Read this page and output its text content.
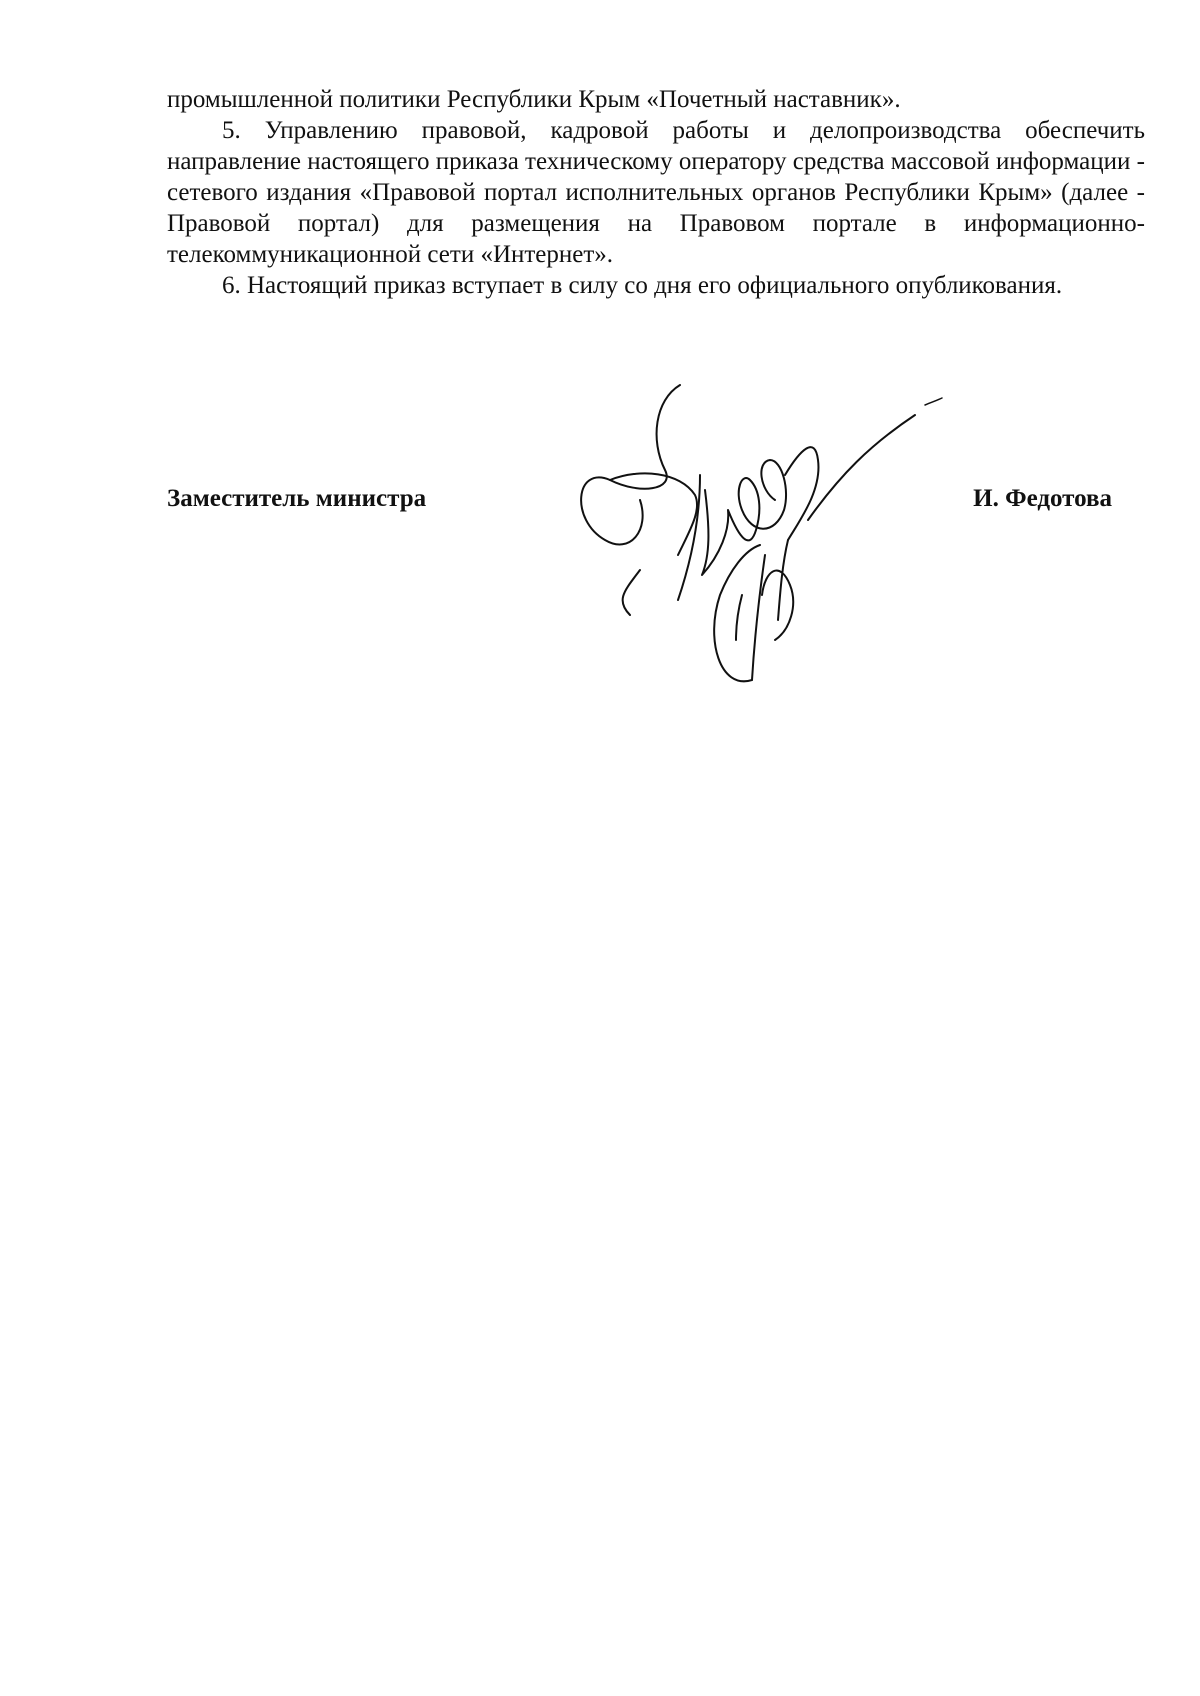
промышленной политики Республики Крым «Почетный наставник».

5. Управлению правовой, кадровой работы и делопроизводства обеспечить направление настоящего приказа техническому оператору средства массовой информации - сетевого издания «Правовой портал исполнительных органов Республики Крым» (далее - Правовой портал) для размещения на Правовом портале в информационно-телекоммуникационной сети «Интернет».

6. Настоящий приказ вступает в силу со дня его официального опубликования.

Заместитель министра	И. Федотова
